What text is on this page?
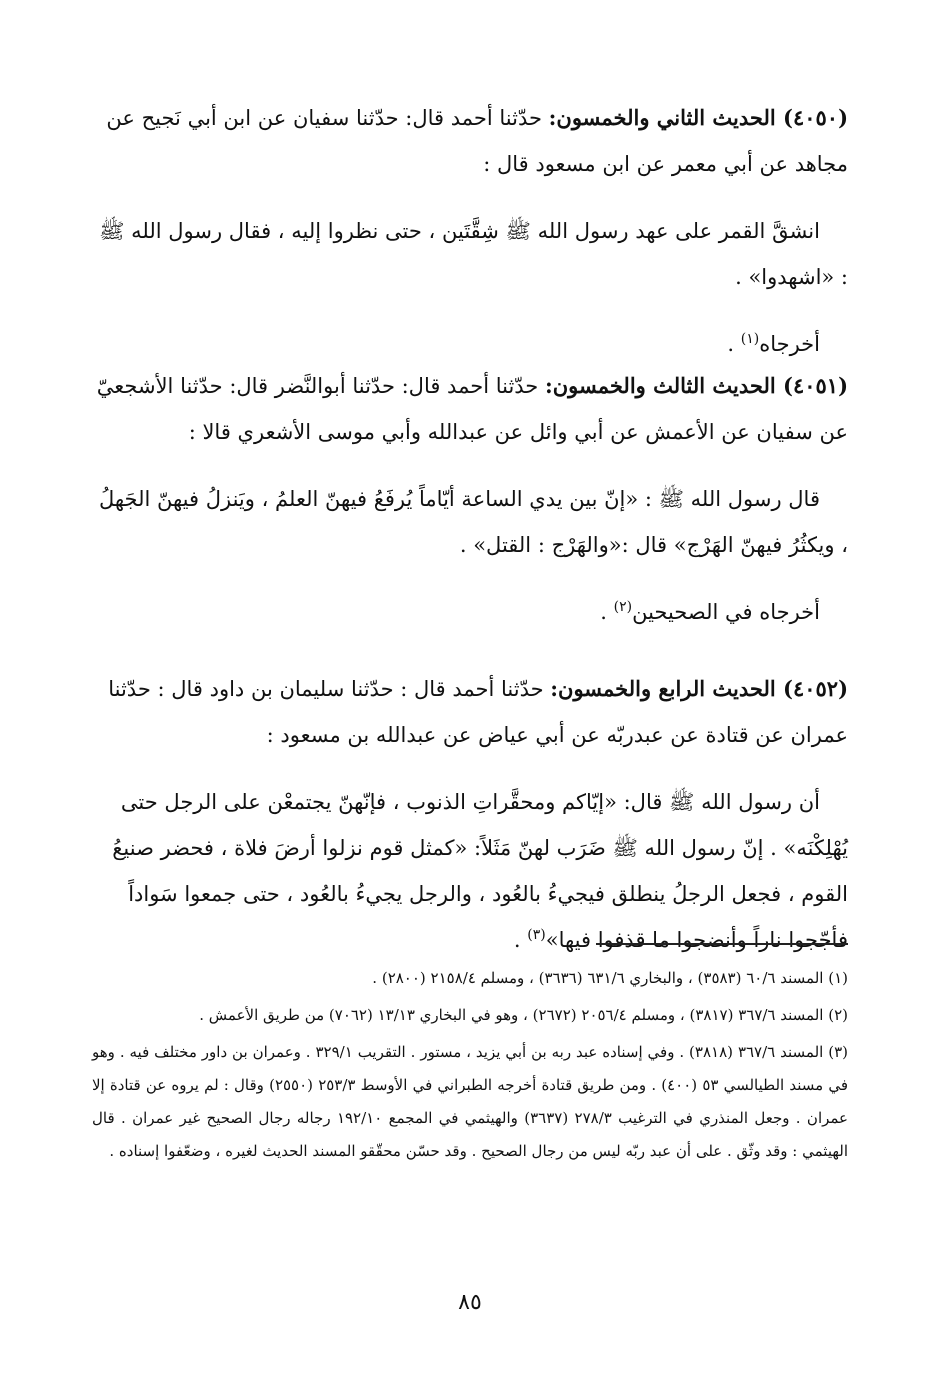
(٤٠٥٠) الحديث الثاني والخمسون: حدّثنا أحمد قال: حدّثنا سفيان عن ابن أبي نَجيح عن مجاهد عن أبي معمر عن ابن مسعود قال :

انشقَّ القمر على عهد رسول الله ﷺ شِقَّتَين ، حتى نظروا إليه ، فقال رسول الله ﷺ : «اشهدوا» .

أخرجاه$^{(١)}$ .

(٤٠٥١) الحديث الثالث والخمسون: حدّثنا أحمد قال: حدّثنا أبوالنَّضر قال: حدّثنا الأشجعيّ عن سفيان عن الأعمش عن أبي وائل عن عبدالله وأبي موسى الأشعري قالا :

قال رسول الله ﷺ : «إنّ بين يدي الساعة أيّاماً يُرفَعُ فيهنّ العلمُ ، ويَنزلُ فيهنّ الجَهلُ ، ويكثُرُ فيهنّ الهَرْج» قال :«والهَرْج : القتل» .

أخرجاه في الصحيحين$^{(٢)}$ .

(٤٠٥٢) الحديث الرابع والخمسون: حدّثنا أحمد قال : حدّثنا سليمان بن داود قال : حدّثنا عمران عن قتادة عن عبدربّه عن أبي عياض عن عبدالله بن مسعود :

أن رسول الله ﷺ قال: «إيّاكم ومحقَّراتِ الذنوب ، فإنّهنّ يجتمعْن على الرجل حتى يُهْلِكْنَه» . إنّ رسول الله ﷺ ضَرَب لهنّ مَثَلاً: «كمثل قوم نزلوا أرضَ فلاة ، فحضر صنيعُ القوم ، فجعل الرجلُ ينطلق فيجيءُ بالعُود ، والرجل يجيءُ بالعُود ، حتى جمعوا سَواداً فأجّجوا ناراً وأنضجوا ما قذفوا فيها»$^{(٣)}$ .

(١) المسند ٦٠/٦ (٣٥٨٣) ، والبخاري ٦٣١/٦ (٣٦٣٦) ، ومسلم ٢١٥٨/٤ (٢٨٠٠) .

(٢) المسند ٣٦٧/٦ (٣٨١٧) ، ومسلم ٢٠٥٦/٤ (٢٦٧٢) ، وهو في البخاري ١٣/١٣ (٧٠٦٢) من طريق الأعمش .

(٣) المسند ٣٦٧/٦ (٣٨١٨) . وفي إسناده عبد ربه بن أبي يزيد ، مستور . التقريب ٣٢٩/١ . وعمران بن داور مختلف فيه . وهو في مسند الطيالسي ٥٣ (٤٠٠) . ومن طريق قتادة أخرجه الطبراني في الأوسط ٢٥٣/٣ (٢٥٥٠) وقال : لم يروه عن قتادة إلا عمران . وجعل المنذري في الترغيب ٢٧٨/٣ (٣٦٣٧) والهيثمي في المجمع ١٩٢/١٠ رجاله رجال الصحيح غير عمران . قال الهيثمي : وقد وثّق . على أن عبد ربّه ليس من رجال الصحيح . وقد حسّن محقّقو المسند الحديث لغيره ، وضعّفوا إسناده .

٨٥
